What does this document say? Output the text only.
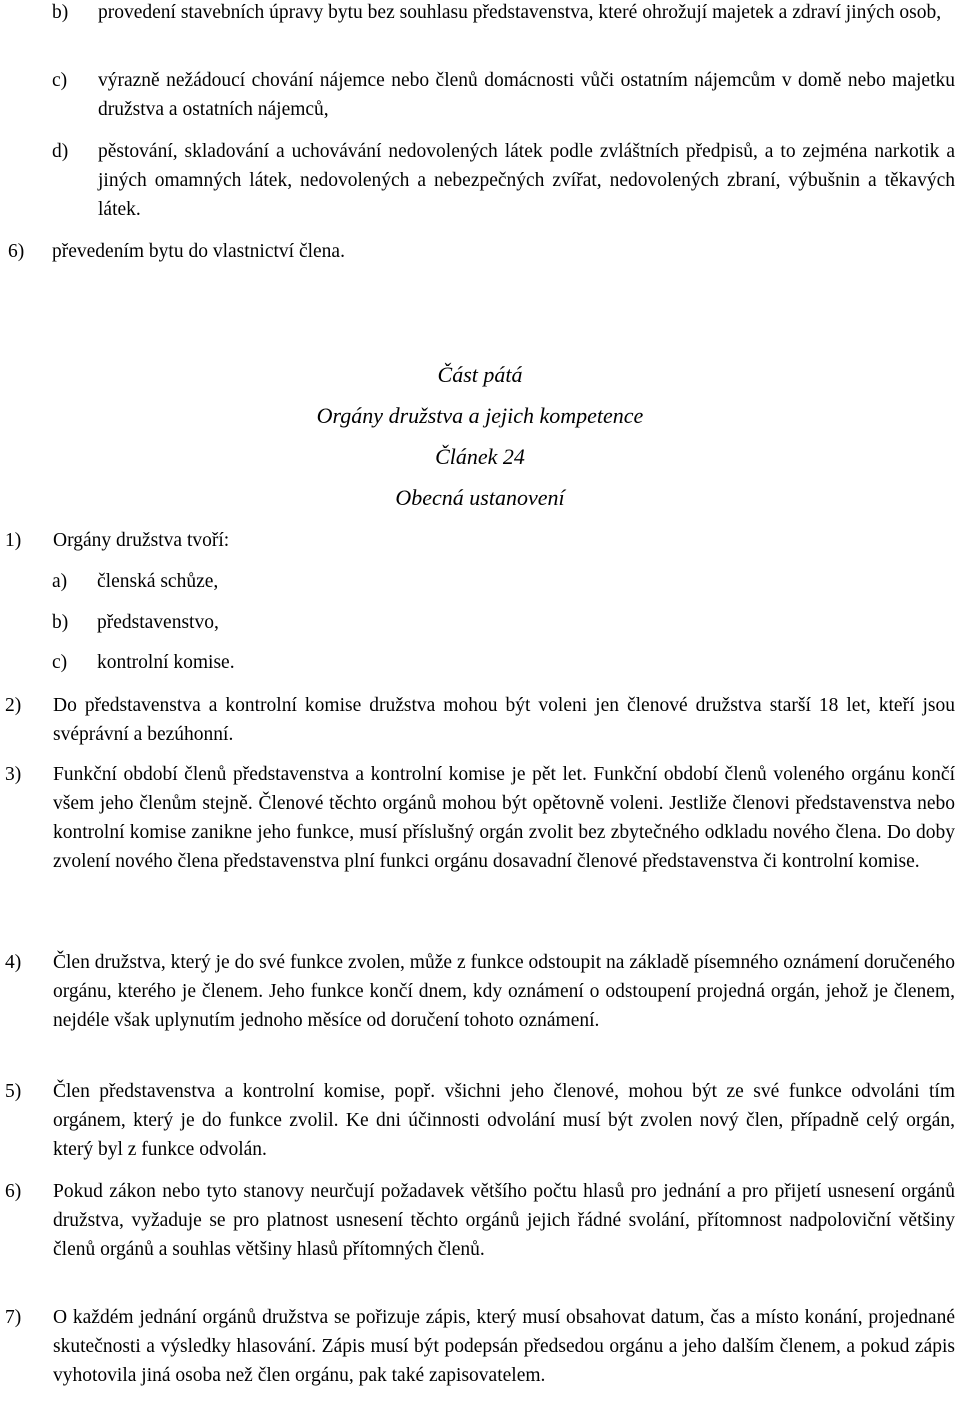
b)	provedení stavebních úpravy bytu bez souhlasu představenstva, které ohrožují majetek a zdraví jiných osob,
c)	výrazně nežádoucí chování nájemce nebo členů domácnosti vůči ostatním nájemcům v domě nebo majetku družstva a ostatních nájemců,
d)	pěstování, skladování a uchovávání nedovolených látek podle zvláštních předpisů, a to zejména narkotik a jiných omamných látek, nedovolených a nebezpečných zvířat, nedovolených zbraní, výbušnin a těkavých látek.
6)	převedením bytu do vlastnictví člena.
Část pátá
Orgány družstva a jejich kompetence
Článek 24
Obecná ustanovení
1)	Orgány družstva tvoří:
a)	členská schůze,
b)	představenstvo,
c)	kontrolní komise.
2)	Do představenstva a kontrolní komise družstva mohou být voleni jen členové družstva starší 18 let, kteří jsou svéprávní a bezúhonní.
3)	Funkční období členů představenstva a kontrolní komise je pět let. Funkční období členů voleného orgánu končí všem jeho členům stejně. Členové těchto orgánů mohou být opětovně voleni. Jestliže členovi představenstva nebo kontrolní komise zanikne jeho funkce, musí příslušný orgán zvolit bez zbytečného odkladu nového člena. Do doby zvolení nového člena představenstva plní funkci orgánu dosavadní členové představenstva či kontrolní komise.
4)	Člen družstva, který je do své funkce zvolen, může z funkce odstoupit na základě písemného oznámení doručeného orgánu, kterého je členem. Jeho funkce končí dnem, kdy oznámení o odstoupení projedná orgán, jehož je členem, nejdéle však uplynutím jednoho měsíce od doručení tohoto oznámení.
5)	Člen představenstva a kontrolní komise, popř. všichni jeho členové, mohou být ze své funkce odvoláni tím orgánem, který je do funkce zvolil. Ke dni účinnosti odvolání musí být zvolen nový člen, případně celý orgán, který byl z funkce odvolán.
6)	Pokud zákon nebo tyto stanovy neurčují požadavek většího počtu hlasů pro jednání a pro přijetí usnesení orgánů družstva, vyžaduje se pro platnost usnesení těchto orgánů jejich řádné svolání, přítomnost nadpoloviční většiny členů orgánů a souhlas většiny hlasů přítomných členů.
7)	O každém jednání orgánů družstva se pořizuje zápis, který musí obsahovat datum, čas a místo konání, projednané skutečnosti a výsledky hlasování. Zápis musí být podepsán předsedou orgánu a jeho dalším členem, a pokud zápis vyhotovila jiná osoba než člen orgánu, pak také zapisovatelem.
